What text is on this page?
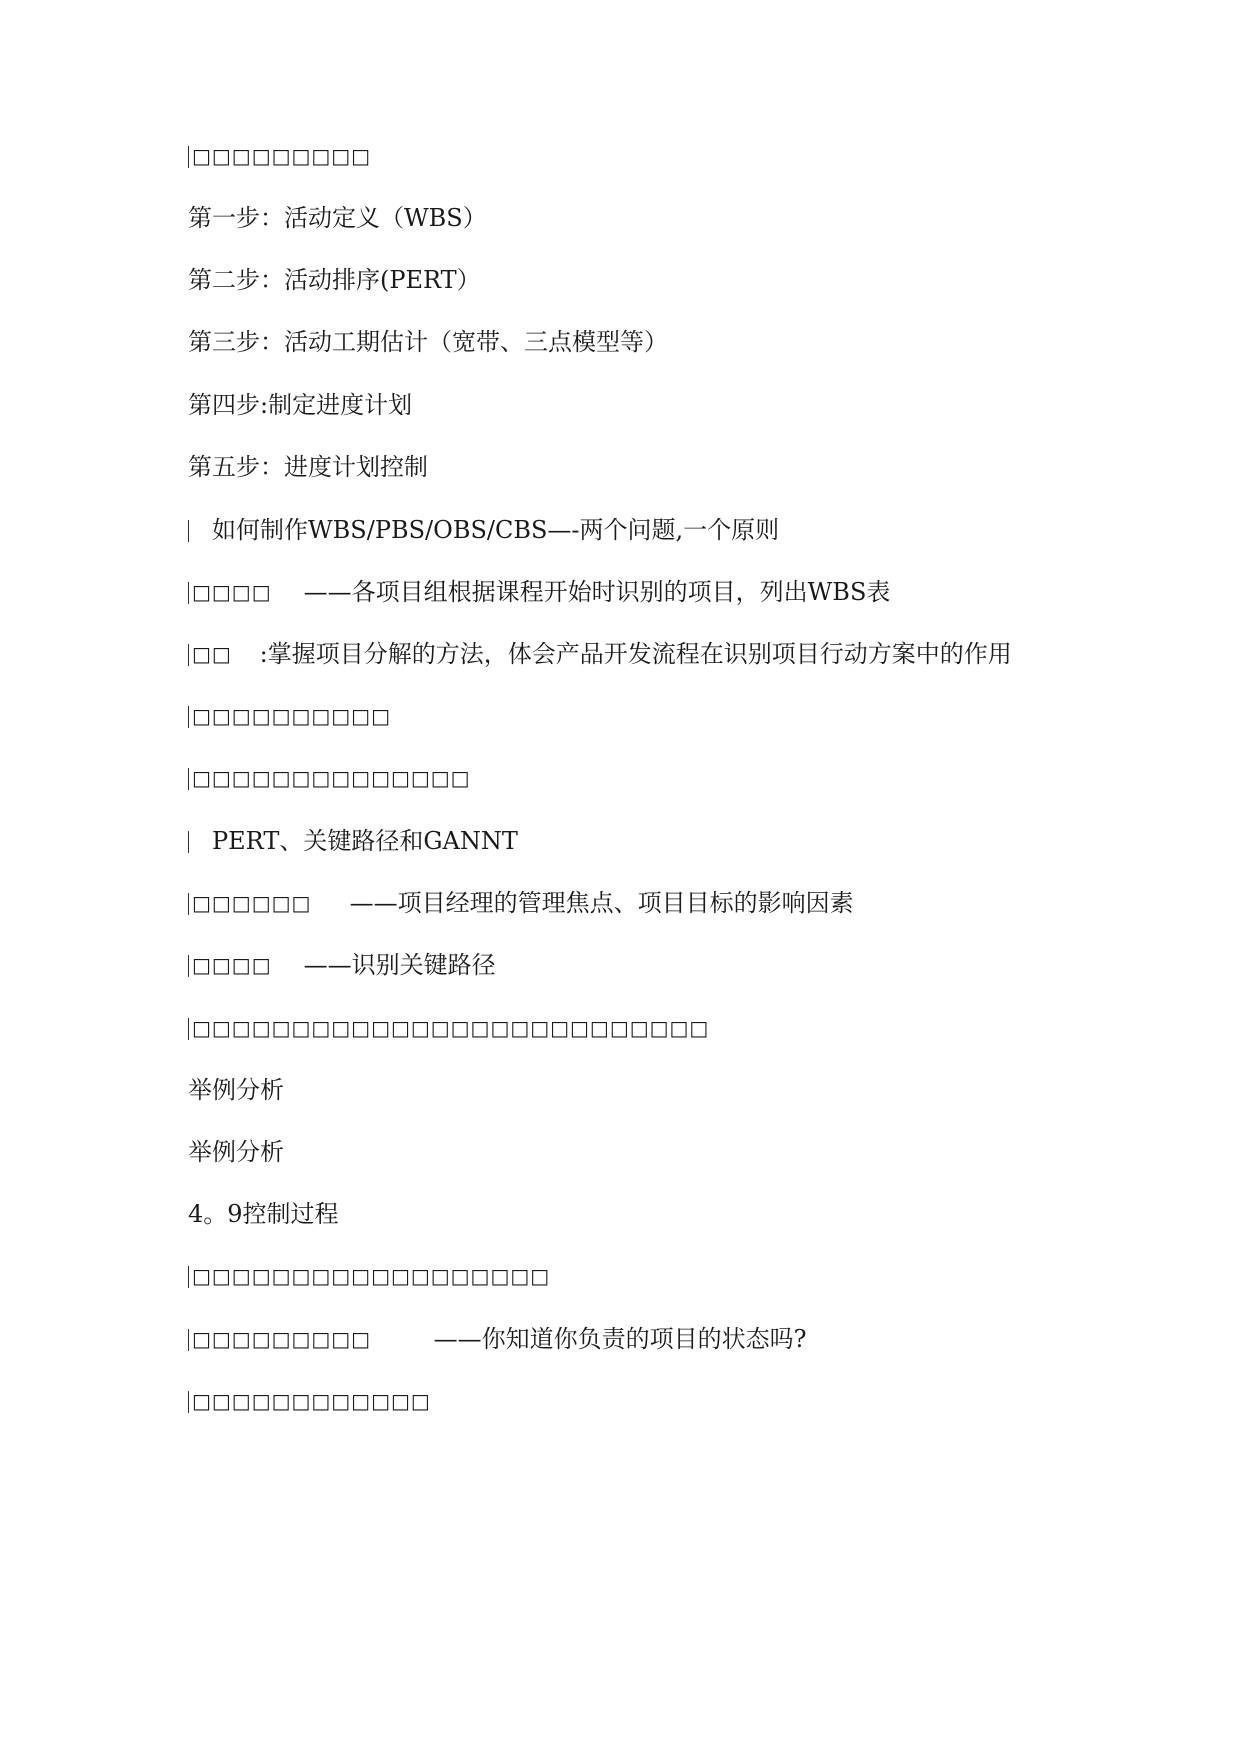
□□□□□□□□□
第一步：活动定义（WBS）
第二步：活动排序(PERT）
第三步：活动工期估计（宽带、三点模型等）
第四步:制定进度计划
第五步：进度计划控制
如何制作WBS/PBS/OBS/CBS—-两个问题,一个原则
□□□□ ——各项目组根据课程开始时识别的项目，列出WBS表
□□ :掌握项目分解的方法，体会产品开发流程在识别项目行动方案中的作用
□□□□□□□□□□
□□□□□□□□□□□□□□
PERT、关键路径和GANNT
□□□□□□ ——项目经理的管理焦点、项目目标的影响因素
□□□□ ——识别关键路径
□□□□□□□□□□□□□□□□□□□□□□□□□□
举例分析
举例分析
4。9控制过程
□□□□□□□□□□□□□□□□□□
□□□□□□□□□	——你知道你负责的项目的状态吗?
□□□□□□□□□□□□
